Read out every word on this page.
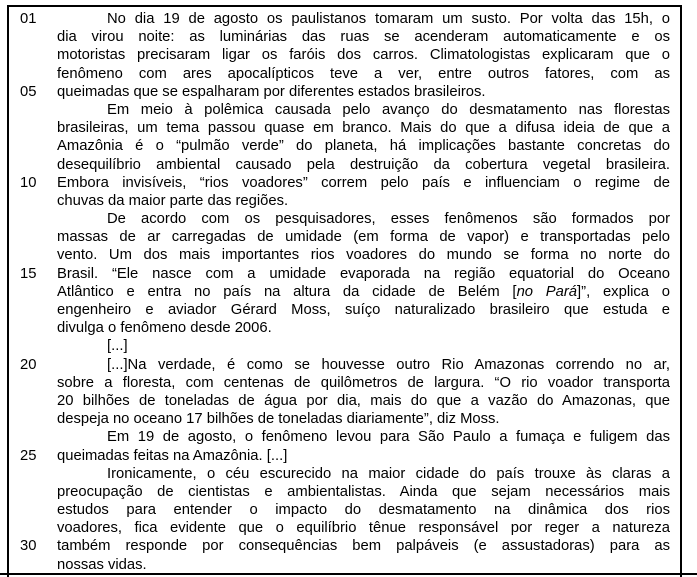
01	No dia 19 de agosto os paulistanos tomaram um susto. Por volta das 15h, o
dia virou noite: as luminárias das ruas se acenderam automaticamente e os
motoristas precisaram ligar os faróis dos carros. Climatologistas explicaram que o
fenômeno com ares apocalípticos teve a ver, entre outros fatores, com as
05	queimadas que se espalharam por diferentes estados brasileiros.
Em meio à polêmica causada pelo avanço do desmatamento nas florestas
brasileiras, um tema passou quase em branco. Mais do que a difusa ideia de que a
Amazônia é o “pulmão verde” do planeta, há implicações bastante concretas do
desequilíbrio ambiental causado pela destruição da cobertura vegetal brasileira.
10	Embora invisíveis, “rios voadores” correm pelo país e influenciam o regime de
chuvas da maior parte das regiões.
De acordo com os pesquisadores, esses fenômenos são formados por
massas de ar carregadas de umidade (em forma de vapor) e transportadas pelo
vento. Um dos mais importantes rios voadores do mundo se forma no norte do
15	Brasil. “Ele nasce com a umidade evaporada na região equatorial do Oceano
Atlântico e entra no país na altura da cidade de Belém [no Pará]”, explica o
engenheiro e aviador Gérard Moss, suíço naturalizado brasileiro que estuda e
divulga o fenômeno desde 2006.
[...]
20	[...]Na verdade, é como se houvesse outro Rio Amazonas correndo no ar,
sobre a floresta, com centenas de quilômetros de largura. “O rio voador transporta
20 bilhões de toneladas de água por dia, mais do que a vazão do Amazonas, que
despeja no oceano 17 bilhões de toneladas diariamente”, diz Moss.
Em 19 de agosto, o fenômeno levou para São Paulo a fumaça e fuligem das
25	queimadas feitas na Amazônia. [...]
Ironicamente, o céu escurecido na maior cidade do país trouxe às claras a
preocupação de cientistas e ambientalistas. Ainda que sejam necessários mais
estudos para entender o impacto do desmatamento na dinâmica dos rios
voadores, fica evidente que o equilíbrio tênue responsável por reger a natureza
30	também responde por consequências bem palpáveis (e assustadoras) para as
nossas vidas.
